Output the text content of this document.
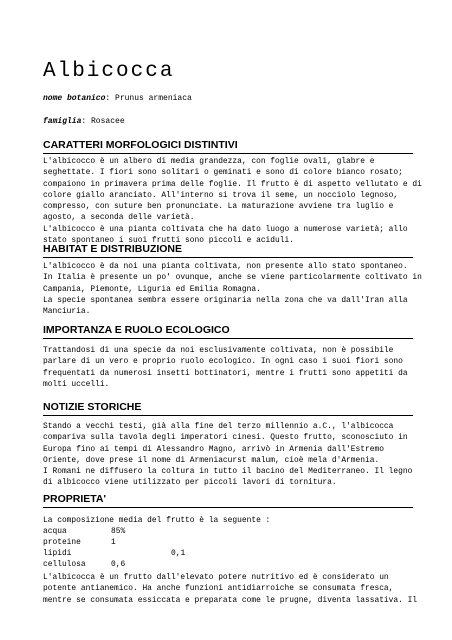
Albicocca
nome botanico: Prunus armeniaca
famiglia: Rosacee
CARATTERI MORFOLOGICI DISTINTIVI
L'albicocco è un albero di media grandezza, con foglie ovali, glabre e
seghettate. I fiori sono solitari o geminati e sono di colore bianco rosato;
compaiono in primavera prima delle foglie. Il frutto è di aspetto vellutato e di
colore giallo aranciato. All'interno si trova il seme, un nocciolo legnoso,
compresso, con suture ben pronunciate. La maturazione avviene tra luglio e
agosto, a seconda delle varietà.
L'albicocco è una pianta coltivata che ha dato luogo a numerose varietà; allo
stato spontaneo i suoi frutti sono piccoli e aciduli.
HABITAT E DISTRIBUZIONE
L'albicocco è da noi una pianta coltivata, non presente allo stato spontaneo.
In Italia è presente un po' ovunque, anche se viene particolarmente coltivato in
Campania, Piemonte, Liguria ed Emilia Romagna.
La specie spontanea sembra essere originaria nella zona che va dall'Iran alla
Manciuria.
IMPORTANZA E RUOLO ECOLOGICO
Trattandosi di una specie da noi esclusivamente coltivata, non è possibile
parlare di un vero e proprio ruolo ecologico. In ogni caso i suoi fiori sono
frequentati da numerosi insetti bottinatori, mentre i frutti sono appetiti da
molti uccelli.
NOTIZIE STORICHE
Stando a vecchi testi, già alla fine del terzo millennio a.C., l'albicocca
compariva sulla tavola degli imperatori cinesi. Questo frutto, sconosciuto in
Europa fino ai tempi di Alessandro Magno, arrivò in Armenia dall'Estremo
Oriente, dove prese il nome di Armeniacurst malum, cioè mela d'Armenia.
I Romani ne diffusero la coltura in tutto il bacino del Mediterraneo. Il legno
di albicocco viene utilizzato per piccoli lavori di tornitura.
PROPRIETA'
La composizione media del frutto è la seguente :
acqua	85%
proteine	1
lipidi	0,1
cellulosa	0,6
L'albicocca è un frutto dall'elevato potere nutritivo ed è considerato un
potente antianemico. Ha anche funzioni antidiarroiche se consumata fresca,
mentre se consumata essiccata e preparata come le prugne, diventa lassativa. Il
